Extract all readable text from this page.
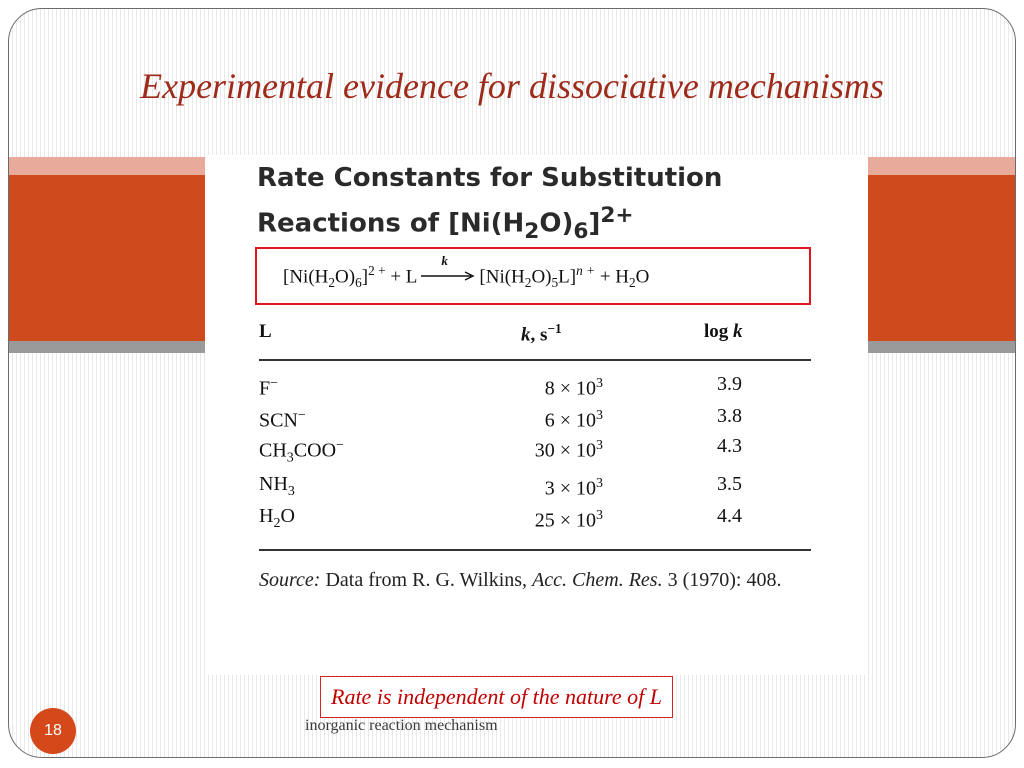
Experimental evidence for dissociative mechanisms
Rate Constants for Substitution
Reactions of $[Ni(H_2O)_6]^{2+}$
$[Ni(H_2O)_6]^{2 +} + L$
k
$[Ni(H_2O)_5L]^{n +} + H_2O$
L	k, $s^{-1}$	log k
F−	$8 \times 10^3$	3.9
SCN−	$6 \times 10^3$	3.8
$CH_3COO^-$	$30 \times 10^3$	4.3
$NH_3$	$3 \times 10^3$	3.5
$H_2O$	$25 \times 10^3$	4.4
Source: Data from R. G. Wilkins, Acc. Chem. Res. 3 (1970): 408.
Rate is independent of the nature of L
inorganic reaction mechanism
18
